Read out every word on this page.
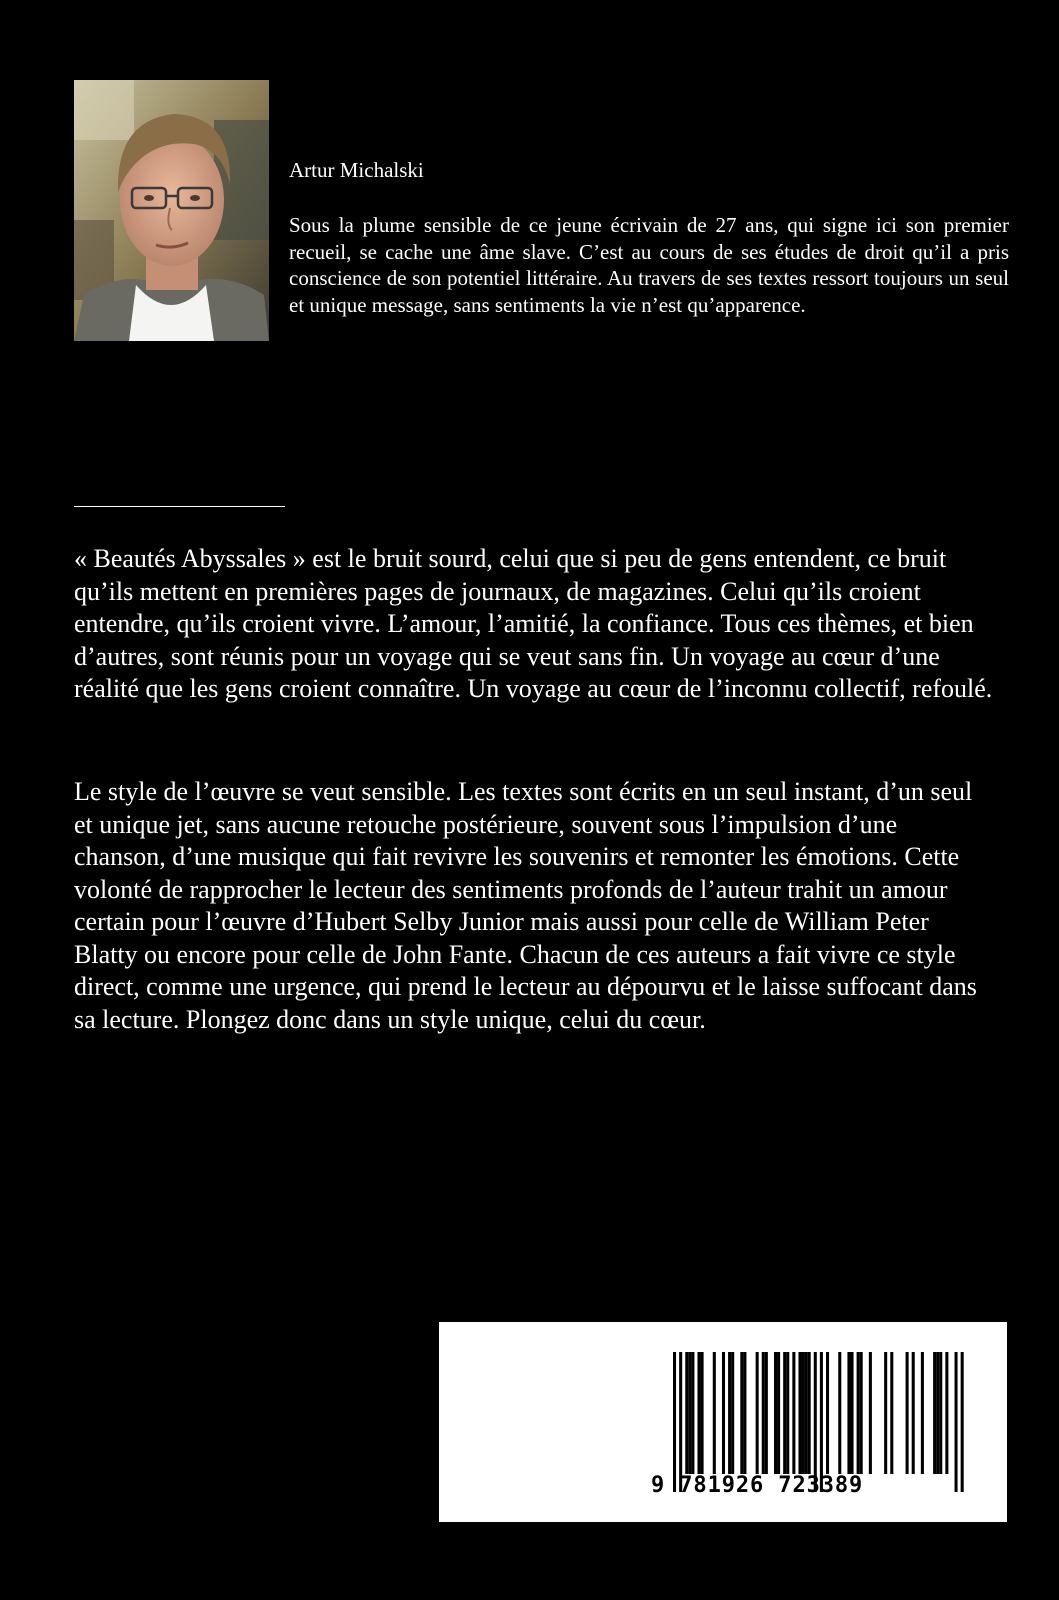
Artur Michalski

Sous la plume sensible de ce jeune écrivain de 27 ans, qui signe ici son premier recueil, se cache une âme slave. C’est au cours de ses études de droit qu’il a pris conscience de son potentiel littéraire. Au travers de ses textes ressort toujours un seul et unique message, sans sentiments la vie n’est qu’apparence.

« Beautés Abyssales » est le bruit sourd, celui que si peu de gens entendent, ce bruit qu’ils mettent en premières pages de journaux, de magazines. Celui qu’ils croient entendre, qu’ils croient vivre. L’amour, l’amitié, la confiance. Tous ces thèmes, et bien d’autres, sont réunis pour un voyage qui se veut sans fin. Un voyage au cœur d’une réalité que les gens croient connaître. Un voyage au cœur de l’inconnu collectif, refoulé.

Le style de l’œuvre se veut sensible. Les textes sont écrits en un seul instant, d’un seul et unique jet, sans aucune retouche postérieure, souvent sous l’impulsion d’une chanson, d’une musique qui fait revivre les souvenirs et remonter les émotions. Cette volonté de rapprocher le lecteur des sentiments profonds de l’auteur trahit un amour certain pour l’œuvre d’Hubert Selby Junior mais aussi pour celle de William Peter Blatty ou encore pour celle de John Fante. Chacun de ces auteurs a fait vivre ce style direct, comme une urgence, qui prend le lecteur au dépourvu et le laisse suffocant dans sa lecture. Plongez donc dans un style unique, celui du cœur.

9 781926 723389
